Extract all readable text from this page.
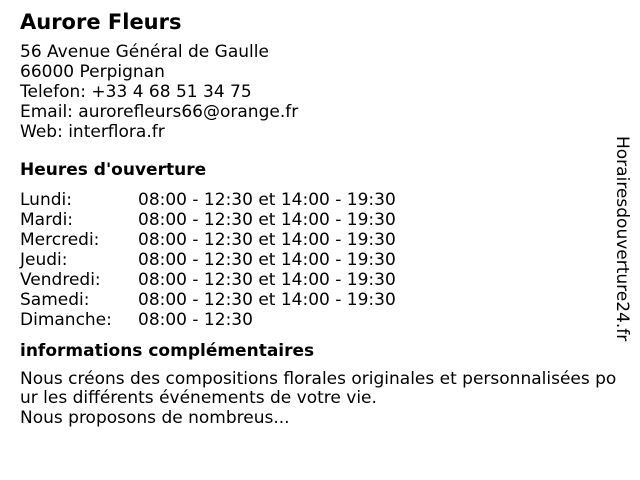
Aurore Fleurs
56 Avenue Général de Gaulle
66000 Perpignan
Telefon: +33 4 68 51 34 75
Email: aurorefleurs66@orange.fr
Web: interflora.fr
Heures d'ouverture
Lundi:	08:00 - 12:30 et 14:00 - 19:30
Mardi:	08:00 - 12:30 et 14:00 - 19:30
Mercredi:	08:00 - 12:30 et 14:00 - 19:30
Jeudi:	08:00 - 12:30 et 14:00 - 19:30
Vendredi:	08:00 - 12:30 et 14:00 - 19:30
Samedi:	08:00 - 12:30 et 14:00 - 19:30
Dimanche:	08:00 - 12:30
informations complémentaires
Nous créons des compositions florales originales et personnalisées pour les différents événements de votre vie.
Nous proposons de nombreus...
Horairesdouverture24.fr
